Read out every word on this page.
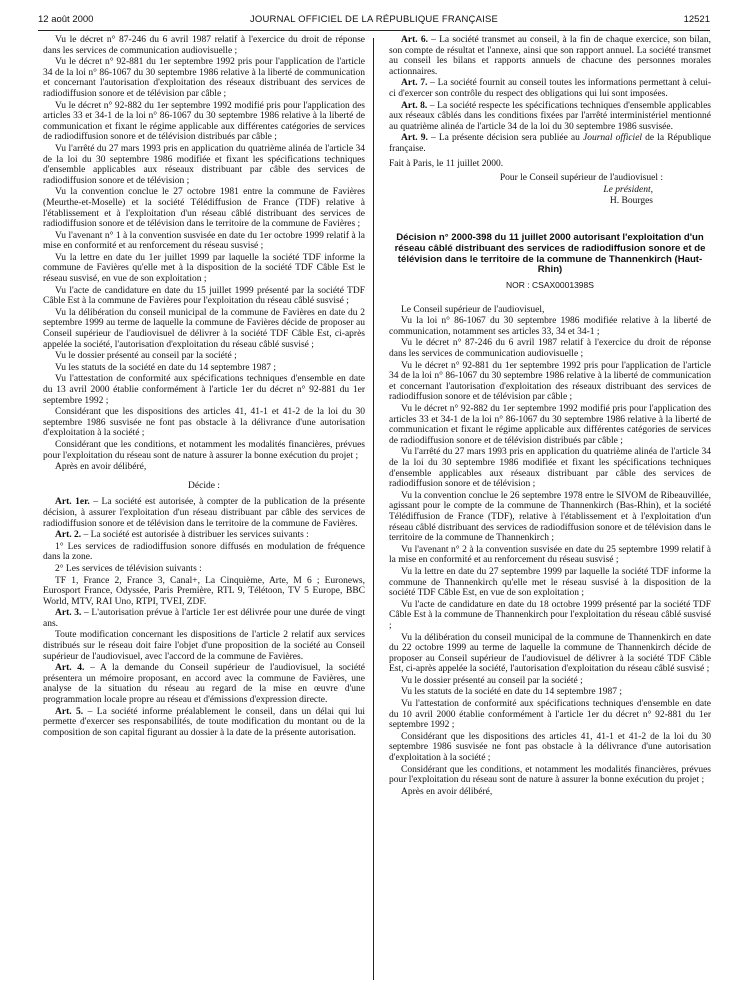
12 août 2000	JOURNAL OFFICIEL DE LA RÉPUBLIQUE FRANÇAISE	12521

Vu le décret n° 87-246 du 6 avril 1987 relatif à l'exercice du droit de réponse dans les services de communication audiovisuelle ;

Vu le décret n° 92-881 du 1er septembre 1992 pris pour l'application de l'article 34 de la loi n° 86-1067 du 30 septembre 1986 relative à la liberté de communication et concernant l'autorisation d'exploitation des réseaux distribuant des services de radiodiffusion sonore et de télévision par câble ;

Vu le décret n° 92-882 du 1er septembre 1992 modifié pris pour l'application des articles 33 et 34-1 de la loi n° 86-1067 du 30 septembre 1986 relative à la liberté de communication et fixant le régime applicable aux différentes catégories de services de radiodiffusion sonore et de télévision distribués par câble ;

Vu l'arrêté du 27 mars 1993 pris en application du quatrième alinéa de l'article 34 de la loi du 30 septembre 1986 modifiée et fixant les spécifications techniques d'ensemble applicables aux réseaux distribuant par câble des services de radiodiffusion sonore et de télévision ;

Vu la convention conclue le 27 octobre 1981 entre la commune de Favières (Meurthe-et-Moselle) et la société Télédiffusion de France (TDF) relative à l'établissement et à l'exploitation d'un réseau câblé distribuant des services de radiodiffusion sonore et de télévision dans le territoire de la commune de Favières ;

Vu l'avenant n° 1 à la convention susvisée en date du 1er octobre 1999 relatif à la mise en conformité et au renforcement du réseau susvisé ;

Vu la lettre en date du 1er juillet 1999 par laquelle la société TDF informe la commune de Favières qu'elle met à la disposition de la société TDF Câble Est le réseau susvisé, en vue de son exploitation ;

Vu l'acte de candidature en date du 15 juillet 1999 présenté par la société TDF Câble Est à la commune de Favières pour l'exploitation du réseau câblé susvisé ;

Vu la délibération du conseil municipal de la commune de Favières en date du 2 septembre 1999 au terme de laquelle la commune de Favières décide de proposer au Conseil supérieur de l'audiovisuel de délivrer à la société TDF Câble Est, ci-après appelée la société, l'autorisation d'exploitation du réseau câblé susvisé ;

Vu le dossier présenté au conseil par la société ;

Vu les statuts de la société en date du 14 septembre 1987 ;

Vu l'attestation de conformité aux spécifications techniques d'ensemble en date du 13 avril 2000 établie conformément à l'article 1er du décret n° 92-881 du 1er septembre 1992 ;

Considérant que les dispositions des articles 41, 41-1 et 41-2 de la loi du 30 septembre 1986 susvisée ne font pas obstacle à la délivrance d'une autorisation d'exploitation à la société ;

Considérant que les conditions, et notamment les modalités financières, prévues pour l'exploitation du réseau sont de nature à assurer la bonne exécution du projet ;

Après en avoir délibéré,

Décide :

Art. 1er. – La société est autorisée, à compter de la publication de la présente décision, à assurer l'exploitation d'un réseau distribuant par câble des services de radiodiffusion sonore et de télévision dans le territoire de la commune de Favières.

Art. 2. – La société est autorisée à distribuer les services suivants :

1° Les services de radiodiffusion sonore diffusés en modulation de fréquence dans la zone.

2° Les services de télévision suivants :

TF 1, France 2, France 3, Canal+, La Cinquième, Arte, M 6 ; Euronews, Eurosport France, Odyssée, Paris Première, RTL 9, Télétoon, TV 5 Europe, BBC World, MTV, RAI Uno, RTPI, TVEI, ZDF.

Art. 3. – L'autorisation prévue à l'article 1er est délivrée pour une durée de vingt ans.

Toute modification concernant les dispositions de l'article 2 relatif aux services distribués sur le réseau doit faire l'objet d'une proposition de la société au Conseil supérieur de l'audiovisuel, avec l'accord de la commune de Favières.

Art. 4. – A la demande du Conseil supérieur de l'audiovisuel, la société présentera un mémoire proposant, en accord avec la commune de Favières, une analyse de la situation du réseau au regard de la mise en œuvre d'une programmation locale propre au réseau et d'émissions d'expression directe.

Art. 5. – La société informe préalablement le conseil, dans un délai qui lui permette d'exercer ses responsabilités, de toute modification du montant ou de la composition de son capital figurant au dossier à la date de la présente autorisation.

Art. 6. – La société transmet au conseil, à la fin de chaque exercice, son bilan, son compte de résultat et l'annexe, ainsi que son rapport annuel. La société transmet au conseil les bilans et rapports annuels de chacune des personnes morales actionnaires.

Art. 7. – La société fournit au conseil toutes les informations permettant à celui-ci d'exercer son contrôle du respect des obligations qui lui sont imposées.

Art. 8. – La société respecte les spécifications techniques d'ensemble applicables aux réseaux câblés dans les conditions fixées par l'arrêté interministériel mentionné au quatrième alinéa de l'article 34 de la loi du 30 septembre 1986 susvisée.

Art. 9. – La présente décision sera publiée au Journal officiel de la République française.

Fait à Paris, le 11 juillet 2000.

Pour le Conseil supérieur de l'audiovisuel :

Le président,

H. Bourges

Décision n° 2000-398 du 11 juillet 2000 autorisant l'exploitation d'un réseau câblé distribuant des services de radiodiffusion sonore et de télévision dans le territoire de la commune de Thannenkirch (Haut-Rhin)

NOR : CSAX0001398S

Le Conseil supérieur de l'audiovisuel,

Vu la loi n° 86-1067 du 30 septembre 1986 modifiée relative à la liberté de communication, notamment ses articles 33, 34 et 34-1 ;

Vu le décret n° 87-246 du 6 avril 1987 relatif à l'exercice du droit de réponse dans les services de communication audiovisuelle ;

Vu le décret n° 92-881 du 1er septembre 1992 pris pour l'application de l'article 34 de la loi n° 86-1067 du 30 septembre 1986 relative à la liberté de communication et concernant l'autorisation d'exploitation des réseaux distribuant des services de radiodiffusion sonore et de télévision par câble ;

Vu le décret n° 92-882 du 1er septembre 1992 modifié pris pour l'application des articles 33 et 34-1 de la loi n° 86-1067 du 30 septembre 1986 relative à la liberté de communication et fixant le régime applicable aux différentes catégories de services de radiodiffusion sonore et de télévision distribués par câble ;

Vu l'arrêté du 27 mars 1993 pris en application du quatrième alinéa de l'article 34 de la loi du 30 septembre 1986 modifiée et fixant les spécifications techniques d'ensemble applicables aux réseaux distribuant par câble des services de radiodiffusion sonore et de télévision ;

Vu la convention conclue le 26 septembre 1978 entre le SIVOM de Ribeauvillée, agissant pour le compte de la commune de Thannenkirch (Bas-Rhin), et la société Télédiffusion de France (TDF), relative à l'établissement et à l'exploitation d'un réseau câblé distribuant des services de radiodiffusion sonore et de télévision dans le territoire de la commune de Thannenkirch ;

Vu l'avenant n° 2 à la convention susvisée en date du 25 septembre 1999 relatif à la mise en conformité et au renforcement du réseau susvisé ;

Vu la lettre en date du 27 septembre 1999 par laquelle la société TDF informe la commune de Thannenkirch qu'elle met le réseau susvisé à la disposition de la société TDF Câble Est, en vue de son exploitation ;

Vu l'acte de candidature en date du 18 octobre 1999 présenté par la société TDF Câble Est à la commune de Thannenkirch pour l'exploitation du réseau câblé susvisé ;

Vu la délibération du conseil municipal de la commune de Thannenkirch en date du 22 octobre 1999 au terme de laquelle la commune de Thannenkirch décide de proposer au Conseil supérieur de l'audiovisuel de délivrer à la société TDF Câble Est, ci-après appelée la société, l'autorisation d'exploitation du réseau câblé susvisé ;

Vu le dossier présenté au conseil par la société ;

Vu les statuts de la société en date du 14 septembre 1987 ;

Vu l'attestation de conformité aux spécifications techniques d'ensemble en date du 10 avril 2000 établie conformément à l'article 1er du décret n° 92-881 du 1er septembre 1992 ;

Considérant que les dispositions des articles 41, 41-1 et 41-2 de la loi du 30 septembre 1986 susvisée ne font pas obstacle à la délivrance d'une autorisation d'exploitation à la société ;

Considérant que les conditions, et notamment les modalités financières, prévues pour l'exploitation du réseau sont de nature à assurer la bonne exécution du projet ;

Après en avoir délibéré,
